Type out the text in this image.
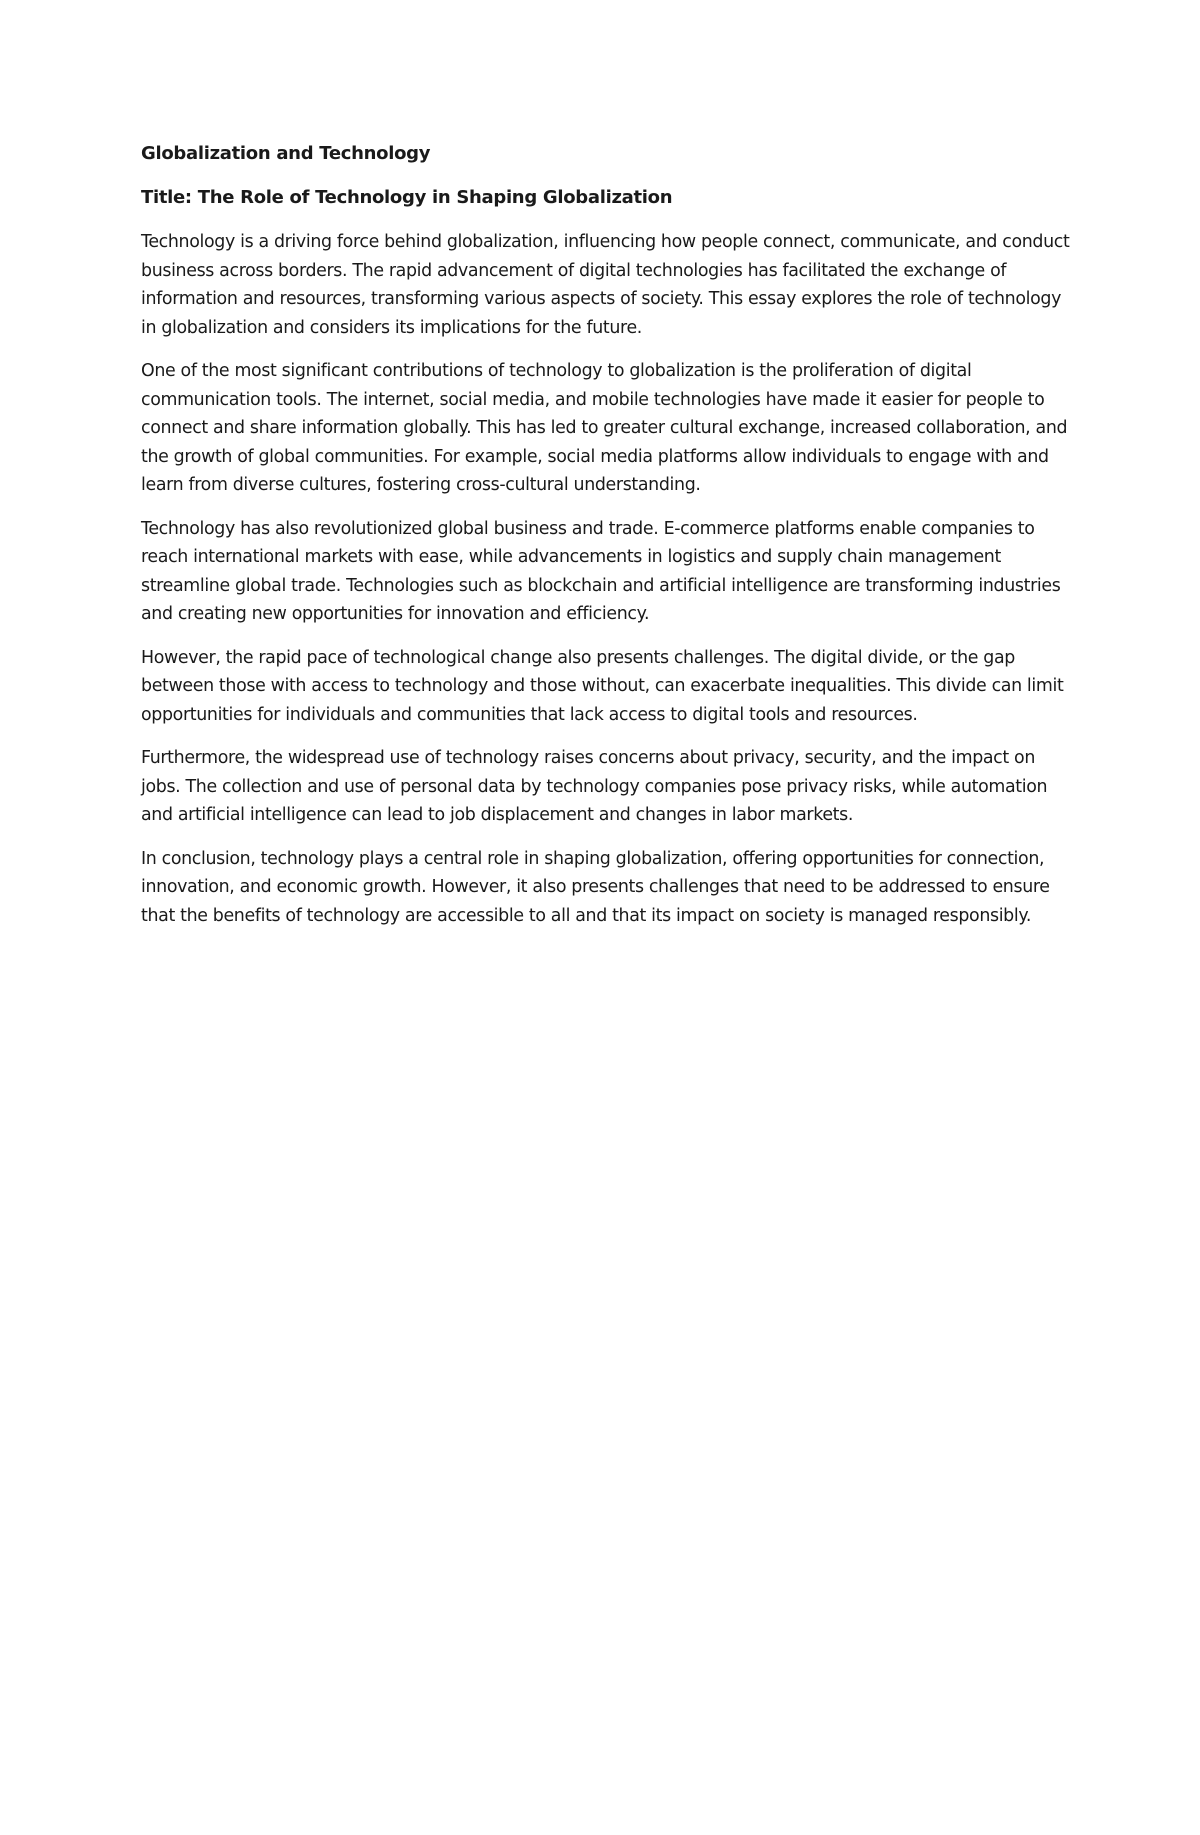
Globalization and Technology
Title: The Role of Technology in Shaping Globalization

Technology is a driving force behind globalization, influencing how people connect, communicate, and conduct business across borders. The rapid advancement of digital technologies has facilitated the exchange of information and resources, transforming various aspects of society. This essay explores the role of technology in globalization and considers its implications for the future.

One of the most significant contributions of technology to globalization is the proliferation of digital communication tools. The internet, social media, and mobile technologies have made it easier for people to connect and share information globally. This has led to greater cultural exchange, increased collaboration, and the growth of global communities. For example, social media platforms allow individuals to engage with and learn from diverse cultures, fostering cross-cultural understanding.

Technology has also revolutionized global business and trade. E-commerce platforms enable companies to reach international markets with ease, while advancements in logistics and supply chain management streamline global trade. Technologies such as blockchain and artificial intelligence are transforming industries and creating new opportunities for innovation and efficiency.

However, the rapid pace of technological change also presents challenges. The digital divide, or the gap between those with access to technology and those without, can exacerbate inequalities. This divide can limit opportunities for individuals and communities that lack access to digital tools and resources.

Furthermore, the widespread use of technology raises concerns about privacy, security, and the impact on jobs. The collection and use of personal data by technology companies pose privacy risks, while automation and artificial intelligence can lead to job displacement and changes in labor markets.

In conclusion, technology plays a central role in shaping globalization, offering opportunities for connection, innovation, and economic growth. However, it also presents challenges that need to be addressed to ensure that the benefits of technology are accessible to all and that its impact on society is managed responsibly.
